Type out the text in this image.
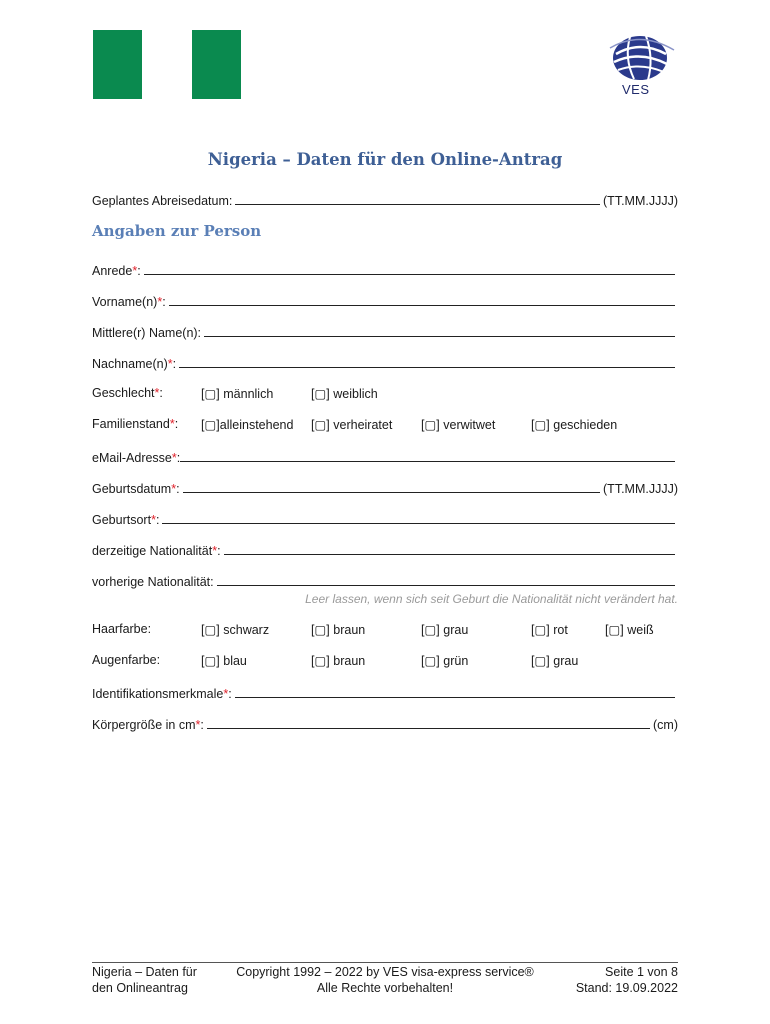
VES
Nigeria – Daten für den Online-Antrag
Geplantes Abreisedatum:	(TT.MM.JJJJ)
Angaben zur Person
Anrede * :
Vorname(n) * :
Mittlere(r) Name(n):
Nachname(n) * :
Geschlecht*:	[▢] männlich	[▢] weiblich
Familienstand*: [▢]alleinstehend [▢] verheiratet [▢] verwitwet	[▢] geschieden
eMail-Adresse * :
Geburtsdatum * :	(TT.MM.JJJJ)
Geburtsort * :
derzeitige Nationalität * :
vorherige Nationalität:
Leer lassen, wenn sich seit Geburt die Nationalität nicht verändert hat.
Haarfarbe:	[▢] schwarz	[▢] braun	[▢] grau	[▢] rot	[▢] weiß
Augenfarbe:	[▢] blau	[▢] braun	[▢] grün	[▢] grau
Identifikationsmerkmale * :
Körpergröße in cm * :	(cm)
Nigeria – Daten für
den Onlineantrag
Copyright 1992 – 2022 by VES visa-express service®
Alle Rechte vorbehalten!
Seite 1 von 8
Stand: 19.09.2022
